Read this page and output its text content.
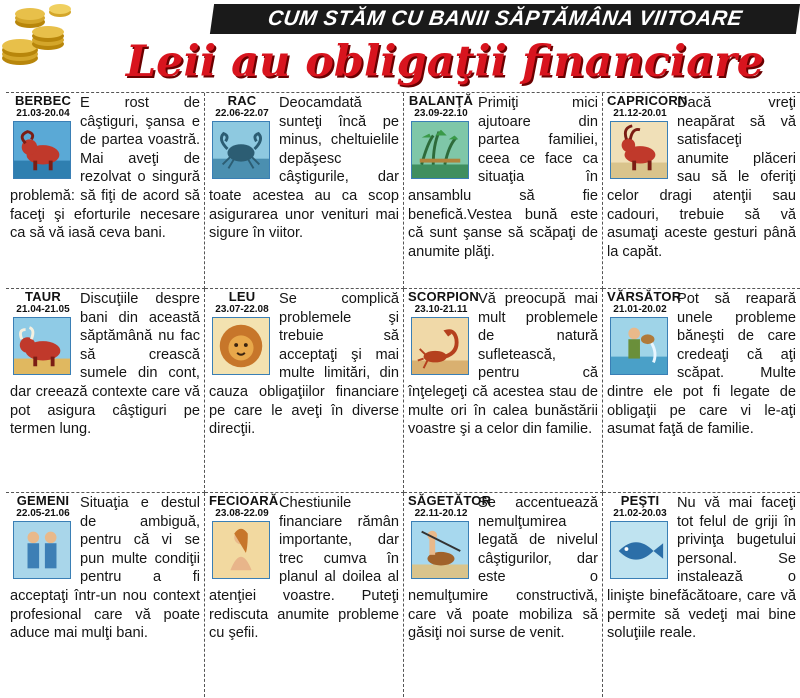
CUM STĂM CU BANII SĂPTĂMÂNA VIITOARE
Leii au obligaţii financiare
BERBEC
21.03-20.04
E rost de câştiguri, şansa e de partea voastră. Mai aveţi de rezolvat o singură problemă: să fiţi de acord să faceţi şi eforturile necesare ca să vă iasă ceva bani.
RAC
22.06-22.07
Deocamdată sunteţi încă pe minus, cheltuielile depăşesc câştigurile, dar toate acestea au ca scop asigurarea unor venituri mai sigure în viitor.
BALANŢĂ
23.09-22.10
Primiţi mici ajutoare din partea familiei, ceea ce face ca situaţia în ansamblu să fie benefică.Vestea bună este că sunt şanse să scăpaţi de anumite plăţi.
CAPRICORN
21.12-20.01
Dacă vreţi neapărat să vă satisfaceţi anumite plăceri sau să le oferiţi celor dragi atenţii sau cadouri, trebuie să vă asumaţi aceste gesturi până la capăt.
TAUR
21.04-21.05
Discuţiile despre bani din această săptămână nu fac să crească sumele din cont, dar creează contexte care vă pot asigura câştiguri pe termen lung.
LEU
23.07-22.08
Se complică problemele şi trebuie să acceptaţi şi mai multe limitări, din cauza obligaţiilor financiare pe care le aveţi în diverse direcţii.
SCORPION
23.10-21.11
Vă preocupă mai mult problemele de natură sufletească, pentru că înţelegeţi că acestea stau de multe ori în calea bunăstării voastre şi a celor din familie.
VĂRSĂTOR
21.01-20.02
Pot să reapară unele probleme băneşti de care credeaţi că aţi scăpat. Multe dintre ele pot fi legate de obligaţii pe care vi le-aţi asumat faţă de familie.
GEMENI
22.05-21.06
Situaţia e destul de ambiguă, pentru că vi se pun multe condiţii pentru a fi acceptaţi într-un nou context profesional care vă poate aduce mai mulţi bani.
FECIOARĂ
23.08-22.09
Chestiunile financiare rămân importante, dar trec cumva în planul al doilea al atenţiei voastre. Puteţi rediscuta anumite probleme cu şefii.
SĂGETĂTOR
22.11-20.12
Se accentuează nemulţumirea legată de nivelul câştigurilor, dar este o nemulţumire constructivă, care vă poate mobiliza să găsiţi noi surse de venit.
PEŞTI
21.02-20.03
Nu vă mai faceţi tot felul de griji în privinţa bugetului personal. Se instalează o linişte binefăcătoare, care vă permite să vedeţi mai bine soluţiile reale.
